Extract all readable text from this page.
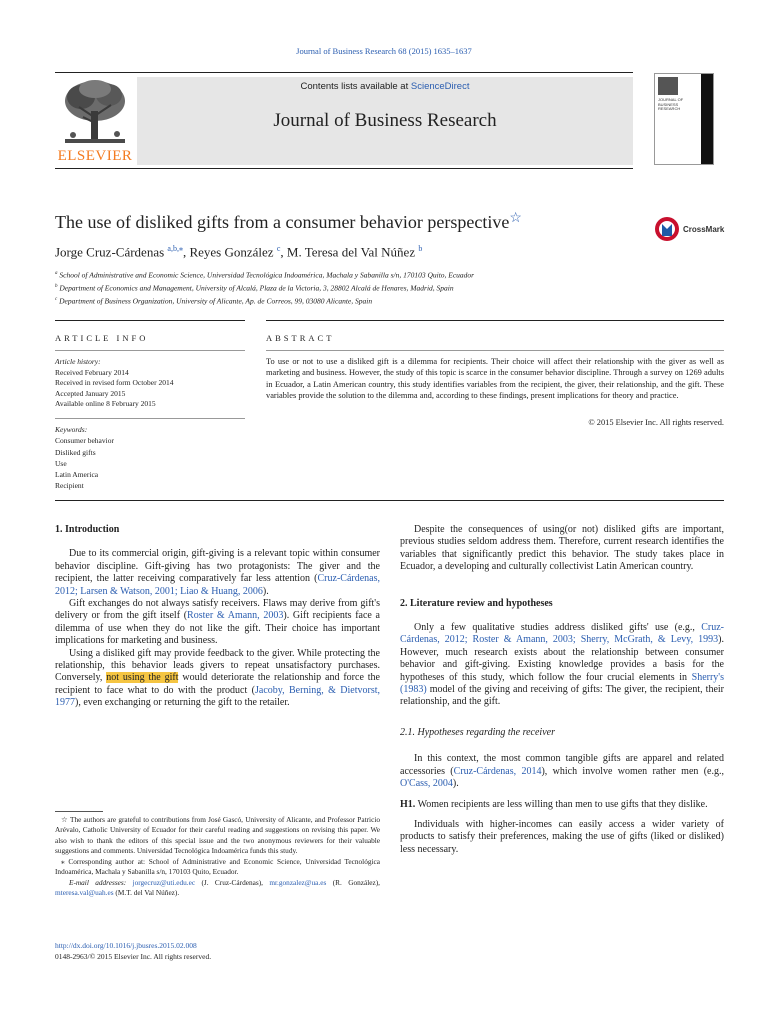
Journal of Business Research 68 (2015) 1635–1637
Contents lists available at ScienceDirect
Journal of Business Research
ELSEVIER
JOURNAL OF BUSINESS RESEARCH
The use of disliked gifts from a consumer behavior perspective☆
CrossMark
Jorge Cruz-Cárdenas $^{a,b,⁎}$, Reyes González $^c$, M. Teresa del Val Núñez $^b$
$^a$ School of Administrative and Economic Science, Universidad Tecnológica Indoamérica, Machala y Sabanilla s/n, 170103 Quito, Ecuador
$^b$ Department of Economics and Management, University of Alcalá, Plaza de la Victoria, 3, 28802 Alcalá de Henares, Madrid, Spain
$^c$ Department of Business Organization, University of Alicante, Ap. de Correos, 99, 03080 Alicante, Spain
ARTICLE INFO	ABSTRACT
Article history:
Received February 2014
Received in revised form October 2014
Accepted January 2015
Available online 8 February 2015
Keywords:
Consumer behavior
Disliked gifts
Use
Latin America
Recipient
To use or not to use a disliked gift is a dilemma for recipients. Their choice will affect their relationship with the giver as well as marketing and business. However, the study of this topic is scarce in the consumer behavior discipline. Through a survey on 1269 adults in Ecuador, a Latin American country, this study identifies variables from the recipient, the giver, their relationship, and the gift. These variables provide the solution to the dilemma and, according to these findings, present implications for theory and practice.
© 2015 Elsevier Inc. All rights reserved.
1. Introduction

Due to its commercial origin, gift-giving is a relevant topic within consumer behavior discipline. Gift-giving has two protagonists: The giver and the recipient, the latter receiving comparatively far less attention (Cruz-Cárdenas, 2012; Larsen & Watson, 2001; Liao & Huang, 2006).

Gift exchanges do not always satisfy receivers. Flaws may derive from gift's delivery or from the gift itself (Roster & Amann, 2003). Gift recipients face a dilemma of use when they do not like the gift. Their choice has important implications for marketing and business.

Using a disliked gift may provide feedback to the giver. While protecting the relationship, this behavior leads givers to repeat unsatisfactory purchases. Conversely, not using the gift would deteriorate the relationship and force the recipient to face what to do with the product (Jacoby, Berning, & Dietvorst, 1977), even exchanging or returning the gift to the retailer.

☆ The authors are grateful to contributions from José Gascó, University of Alicante, and Professor Patricio Arévalo, Catholic University of Ecuador for their careful reading and suggestions on revising this paper. We also wish to thank the editors of this special issue and the two anonymous reviewers for their valuable suggestions and comments. Universidad Tecnológica Indoamérica funds this study.

⁎ Corresponding author at: School of Administrative and Economic Science, Universidad Tecnológica Indoamérica, Machala y Sabanilla s/n, 170103 Quito, Ecuador.

E-mail addresses: jorgecruz@uti.edu.ec (J. Cruz-Cárdenas), mr.gonzalez@ua.es (R. González), mteresa.val@uah.es (M.T. del Val Núñez).

http://dx.doi.org/10.1016/j.jbusres.2015.02.008
0148-2963/© 2015 Elsevier Inc. All rights reserved.

Despite the consequences of using(or not) disliked gifts are important, previous studies seldom address them. Therefore, current research identifies the variables that significantly predict this behavior. The study takes place in Ecuador, a developing and culturally collectivist Latin American country.

2. Literature review and hypotheses

Only a few qualitative studies address disliked gifts' use (e.g., Cruz-Cárdenas, 2012; Roster & Amann, 2003; Sherry, McGrath, & Levy, 1993). However, much research exists about the relationship between consumer behavior and gift-giving. Existing knowledge provides a basis for the hypotheses of this study, which follow the four crucial elements in Sherry's (1983) model of the giving and receiving of gifts: The giver, the recipient, their relationship, and the gift.

2.1. Hypotheses regarding the receiver

In this context, the most common tangible gifts are apparel and related accessories (Cruz-Cárdenas, 2014), which involve women rather men (e.g., O'Cass, 2004).

H1. Women recipients are less willing than men to use gifts that they dislike.

Individuals with higher-incomes can easily access a wider variety of products to satisfy their preferences, making the use of gifts (liked or disliked) less necessary.
